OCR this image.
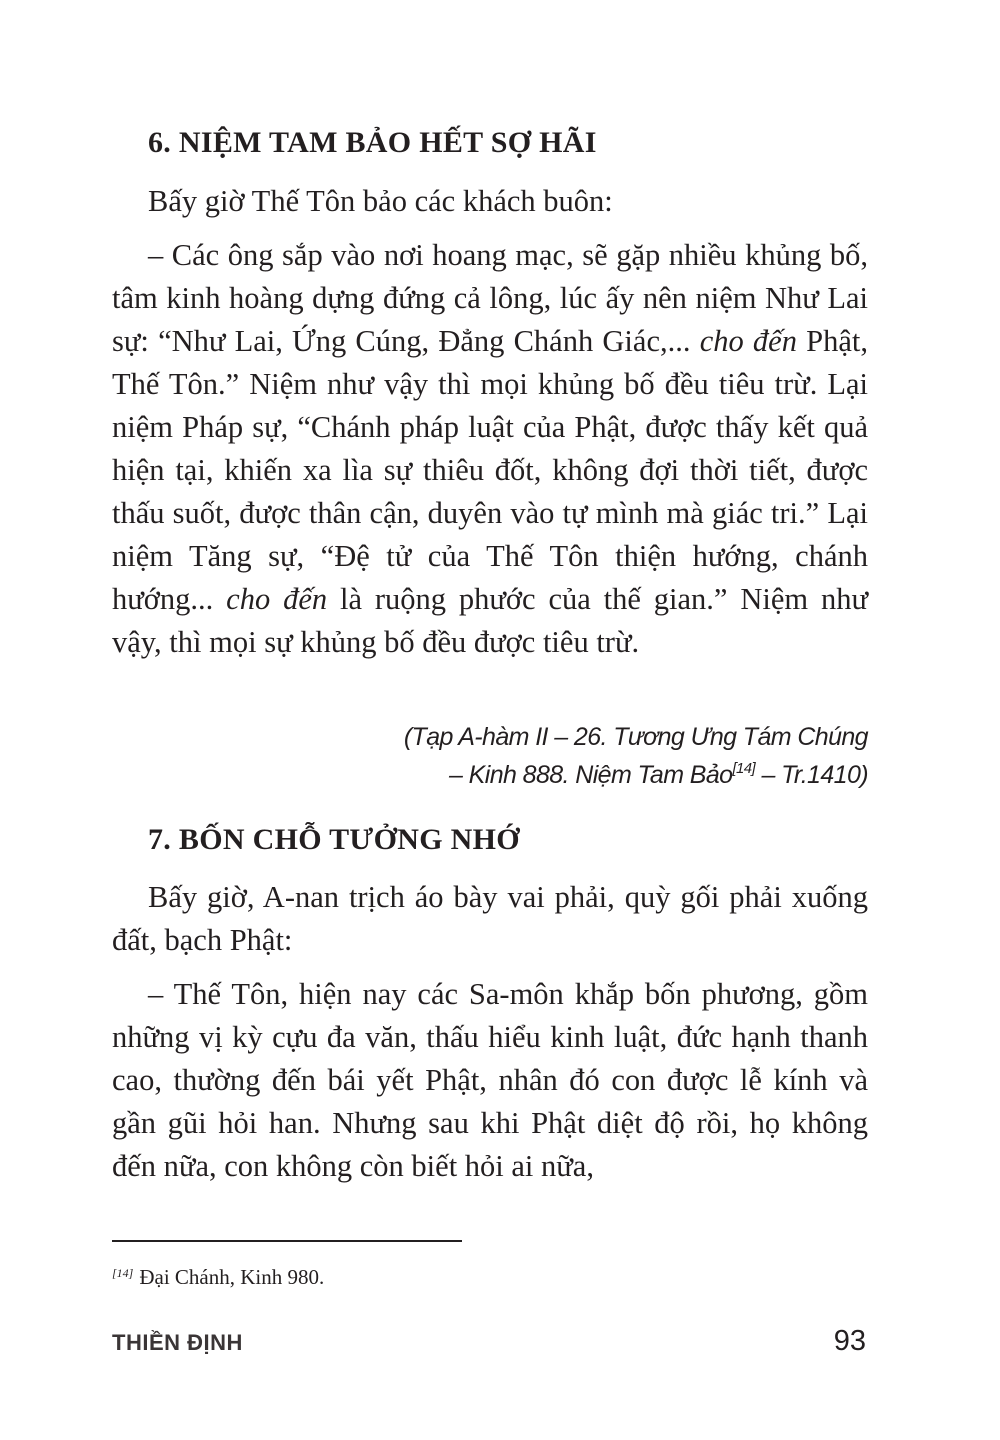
6. NIỆM TAM BẢO HẾT SỢ HÃI

Bấy giờ Thế Tôn bảo các khách buôn:

– Các ông sắp vào nơi hoang mạc, sẽ gặp nhiều khủng bố, tâm kinh hoàng dựng đứng cả lông, lúc ấy nên niệm Như Lai sự: “Như Lai, Ứng Cúng, Đẳng Chánh Giác,... cho đến Phật, Thế Tôn.” Niệm như vậy thì mọi khủng bố đều tiêu trừ. Lại niệm Pháp sự, “Chánh pháp luật của Phật, được thấy kết quả hiện tại, khiến xa lìa sự thiêu đốt, không đợi thời tiết, được thấu suốt, được thân cận, duyên vào tự mình mà giác tri.” Lại niệm Tăng sự, “Đệ tử của Thế Tôn thiện hướng, chánh hướng... cho đến là ruộng phước của thế gian.” Niệm như vậy, thì mọi sự khủng bố đều được tiêu trừ.

(Tạp A-hàm II – 26. Tương Ưng Tám Chúng
– Kinh 888. Niệm Tam Bảo[14] – Tr.1410)
7. BỐN CHỖ TƯỞNG NHỚ

Bấy giờ, A-nan trịch áo bày vai phải, quỳ gối phải xuống đất, bạch Phật:

– Thế Tôn, hiện nay các Sa-môn khắp bốn phương, gồm những vị kỳ cựu đa văn, thấu hiểu kinh luật, đức hạnh thanh cao, thường đến bái yết Phật, nhân đó con được lễ kính và gần gũi hỏi han. Nhưng sau khi Phật diệt độ rồi, họ không đến nữa, con không còn biết hỏi ai nữa,

[14] Đại Chánh, Kinh 980.
THIỀN ĐỊNH	93
